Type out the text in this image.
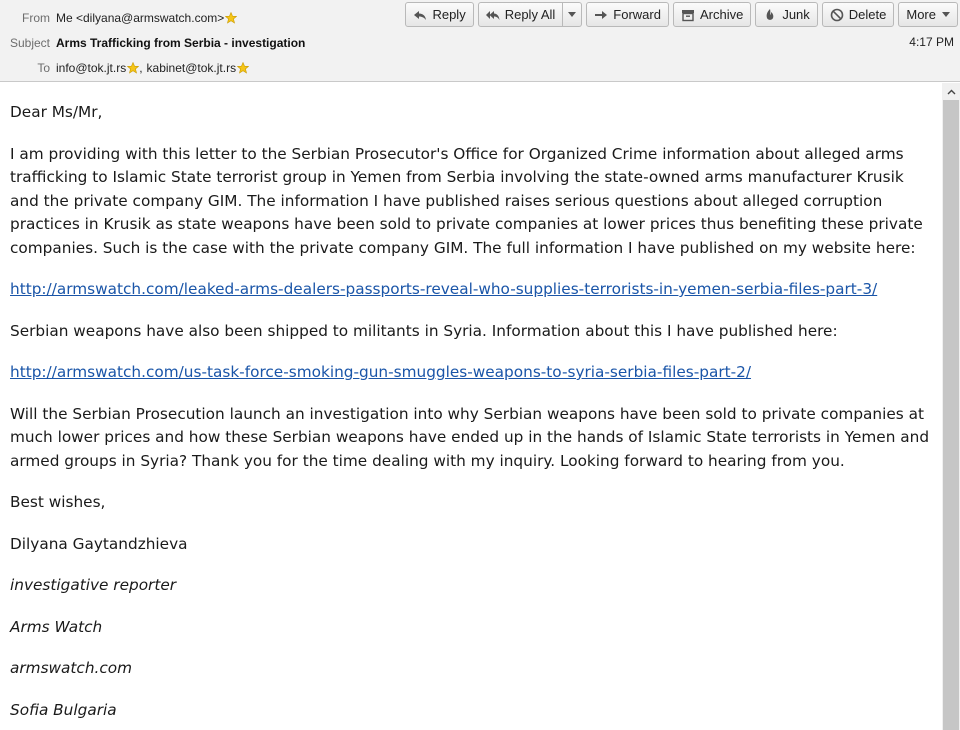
From Me <dilyana@armswatch.com>
Subject Arms Trafficking from Serbia - investigation
To info@tok.jt.rs , kabinet@tok.jt.rs
Reply	Reply All	Forward	Archive	Junk	Delete More
4:17 PM

Dear Ms/Mr,

I am providing with this letter to the Serbian Prosecutor's Office for Organized Crime information about alleged arms trafficking to Islamic State terrorist group in Yemen from Serbia involving the state-owned arms manufacturer Krusik and the private company GIM. The information I have published raises serious questions about alleged corruption practices in Krusik as state weapons have been sold to private companies at lower prices thus benefiting these private companies. Such is the case with the private company GIM. The full information I have published on my website here:

http://armswatch.com/leaked-arms-dealers-passports-reveal-who-supplies-terrorists-in-yemen-serbia-files-part-3/

Serbian weapons have also been shipped to militants in Syria. Information about this I have published here:

http://armswatch.com/us-task-force-smoking-gun-smuggles-weapons-to-syria-serbia-files-part-2/

Will the Serbian Prosecution launch an investigation into why Serbian weapons have been sold to private companies at much lower prices and how these Serbian weapons have ended up in the hands of Islamic State terrorists in Yemen and armed groups in Syria? Thank you for the time dealing with my inquiry. Looking forward to hearing from you.

Best wishes,

Dilyana Gaytandzhieva

investigative reporter

Arms Watch

armswatch.com

Sofia Bulgaria
